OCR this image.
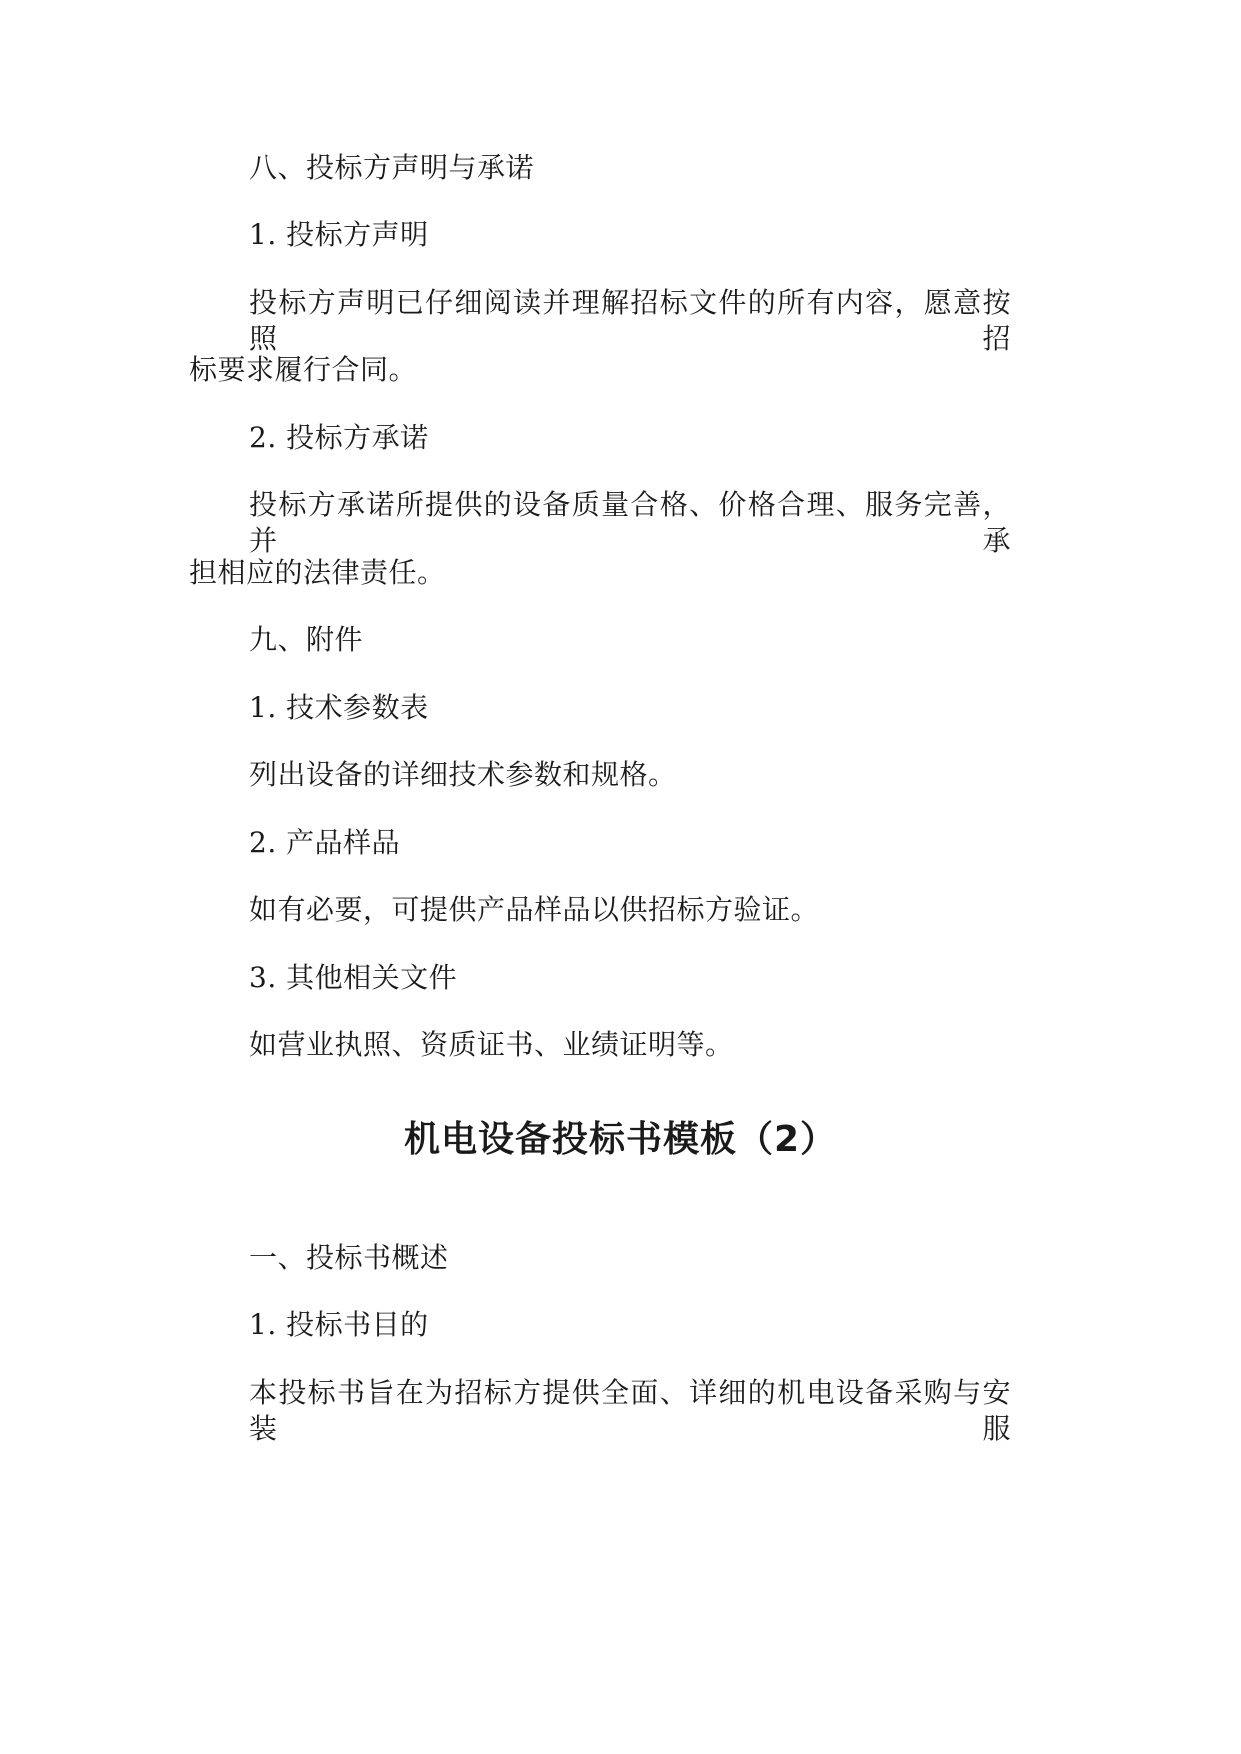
八、投标方声明与承诺
1. 投标方声明
投标方声明已仔细阅读并理解招标文件的所有内容，愿意按照招
标要求履行合同。
2. 投标方承诺
投标方承诺所提供的设备质量合格、价格合理、服务完善，并承
担相应的法律责任。
九、附件
1. 技术参数表
列出设备的详细技术参数和规格。
2. 产品样品
如有必要，可提供产品样品以供招标方验证。
3. 其他相关文件
如营业执照、资质证书、业绩证明等。
机电设备投标书模板（2）
一、投标书概述
1. 投标书目的
本投标书旨在为招标方提供全面、详细的机电设备采购与安装服
